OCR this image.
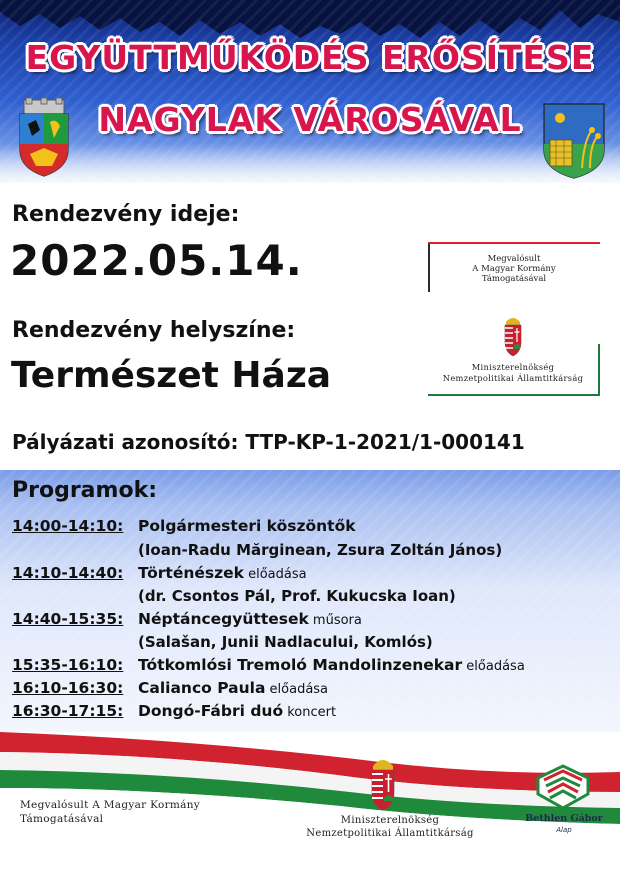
EGYÜTTMŰKÖDÉS ERŐSÍTÉSE
NAGYLAK VÁROSÁVAL
Rendezvény ideje:
2022.05.14.
Rendezvény helyszíne:
Természet Háza
Pályázati azonosító: TTP-KP-1-2021/1-000141
Megvalósult
A Magyar Kormány
Támogatásával
Miniszterelnökség
Nemzetpolitikai Államtitkárság
Programok:
14:00-14:10: Polgármesteri köszöntők
(Ioan-Radu Mărginean, Zsura Zoltán János)
14:10-14:40: Történészek előadása
(dr. Csontos Pál, Prof. Kukucska Ioan)
14:40-15:35: Néptáncegyüttesek műsora
(Salašan, Junii Nadlacului, Komlós)
15:35-16:10: Tótkomlósi Tremoló Mandolinzenekar előadása
16:10-16:30: Calianco Paula előadása
16:30-17:15: Dongó-Fábri duó koncert
Megvalósult A Magyar Kormány
Támogatásával	Miniszterelnökség
Nemzetpolitikai Államtitkárság
Bethlen Gábor
Alap
